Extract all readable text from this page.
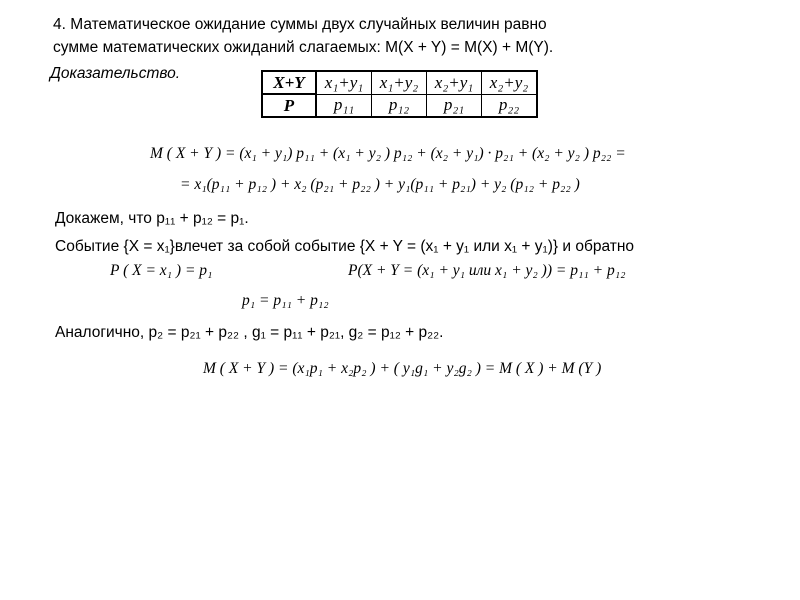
4. Математическое ожидание суммы двух случайных величин равно
сумме математических ожиданий слагаемых: M(X + Y) = M(X) + M(Y).
Доказательство.	X+Y	x₁+y₁	x₁+y₂	x₂+y₁	x₂+y₂
P	p₁₁	p₁₂	p₂₁	p₂₂
M ( X + Y ) = (x₁ + y₁) p₁₁ + (x₁ + y₂ ) p₁₂ + (x₂ + y₁) · p₂₁ + (x₂ + y₂ ) p₂₂ =
= x₁(p₁₁ + p₁₂ ) + x₂ (p₂₁ + p₂₂ ) + y₁(p₁₁ + p₂₁) + y₂ (p₁₂ + p₂₂ )
Докажем, что p₁₁ + p₁₂ = p₁.
Событие {X = x₁}влечет за собой событие {X + Y = (x₁ + y₁ или x₁ + y₁)} и обратно
P ( X = x₁ ) = p₁	P(X + Y = (x₁ + y₁ или x₁ + y₂ )) = p₁₁ + p₁₂
p₁ = p₁₁ + p₁₂
Аналогично, p₂ = p₂₁ + p₂₂ , g₁ = p₁₁ + p₂₁, g₂ = p₁₂ + p₂₂.
M ( X + Y ) = (x₁p₁ + x₂p₂ ) + ( y₁g₁ + y₂g₂ ) = M ( X ) + M (Y )
